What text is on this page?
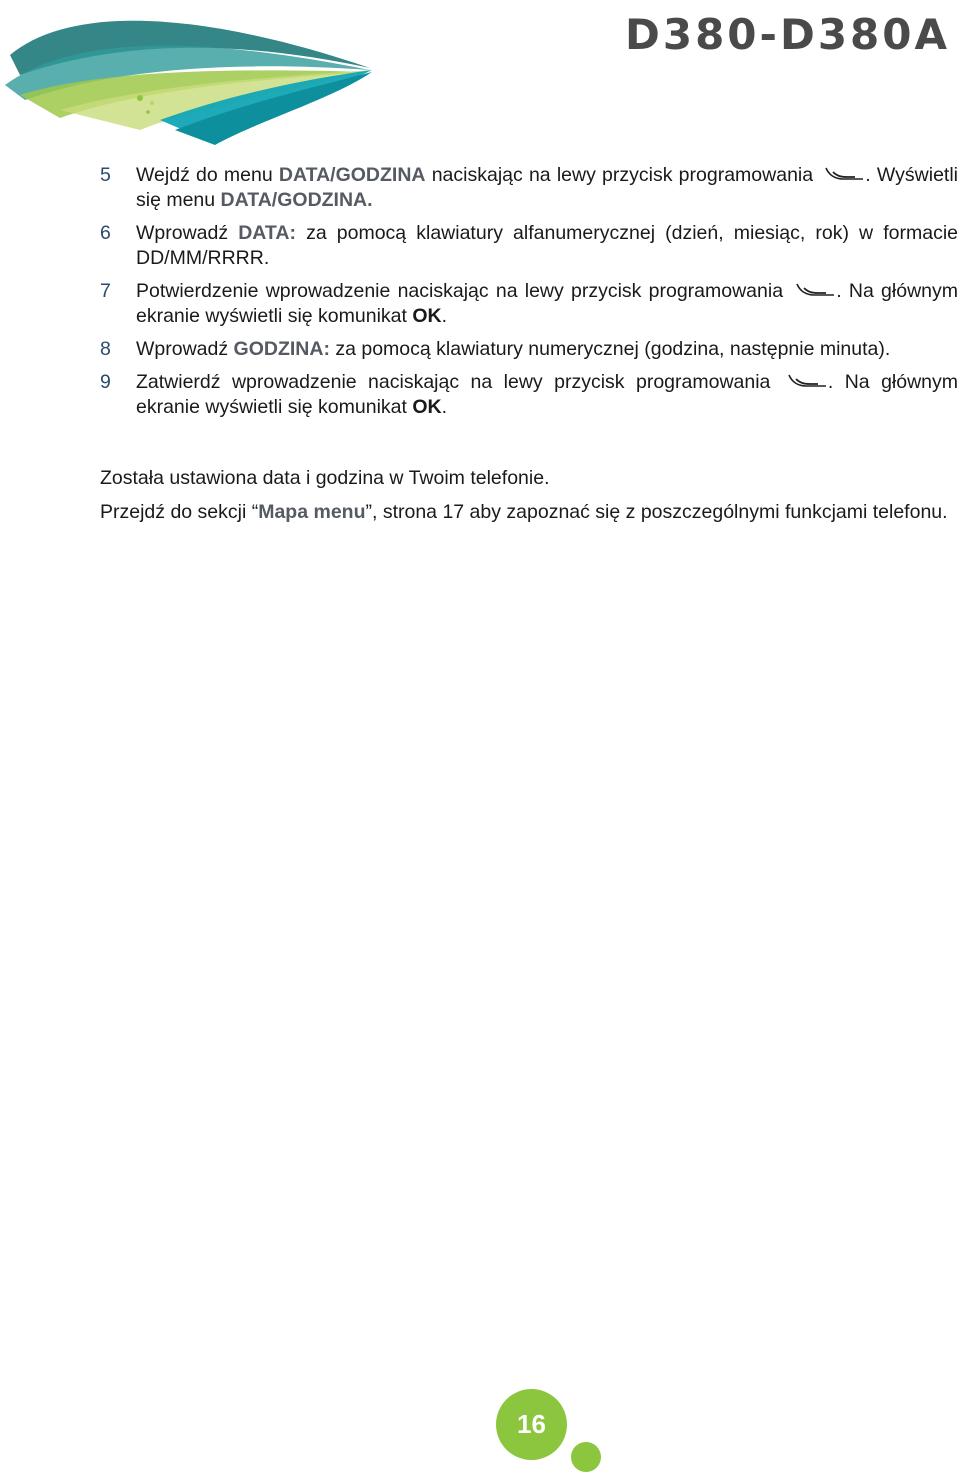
D380-D380A
5	Wejdź do menu DATA/GODZINA naciskając na lewy przycisk programowania . Wyświetli się menu DATA/GODZINA.
6	Wprowadź DATA: za pomocą klawiatury alfanumerycznej (dzień, miesiąc, rok) w formacie DD/MM/RRRR.
7	Potwierdzenie wprowadzenie naciskając na lewy przycisk programowania . Na głównym ekranie wyświetli się komunikat OK.
8	Wprowadź GODZINA: za pomocą klawiatury numerycznej (godzina, następnie minuta).
9	Zatwierdź wprowadzenie naciskając na lewy przycisk programowania . Na głównym ekranie wyświetli się komunikat OK.

Została ustawiona data i godzina w Twoim telefonie.

Przejdź do sekcji “Mapa menu”, strona 17 aby zapoznać się z poszczególnymi funkcjami telefonu.

16
